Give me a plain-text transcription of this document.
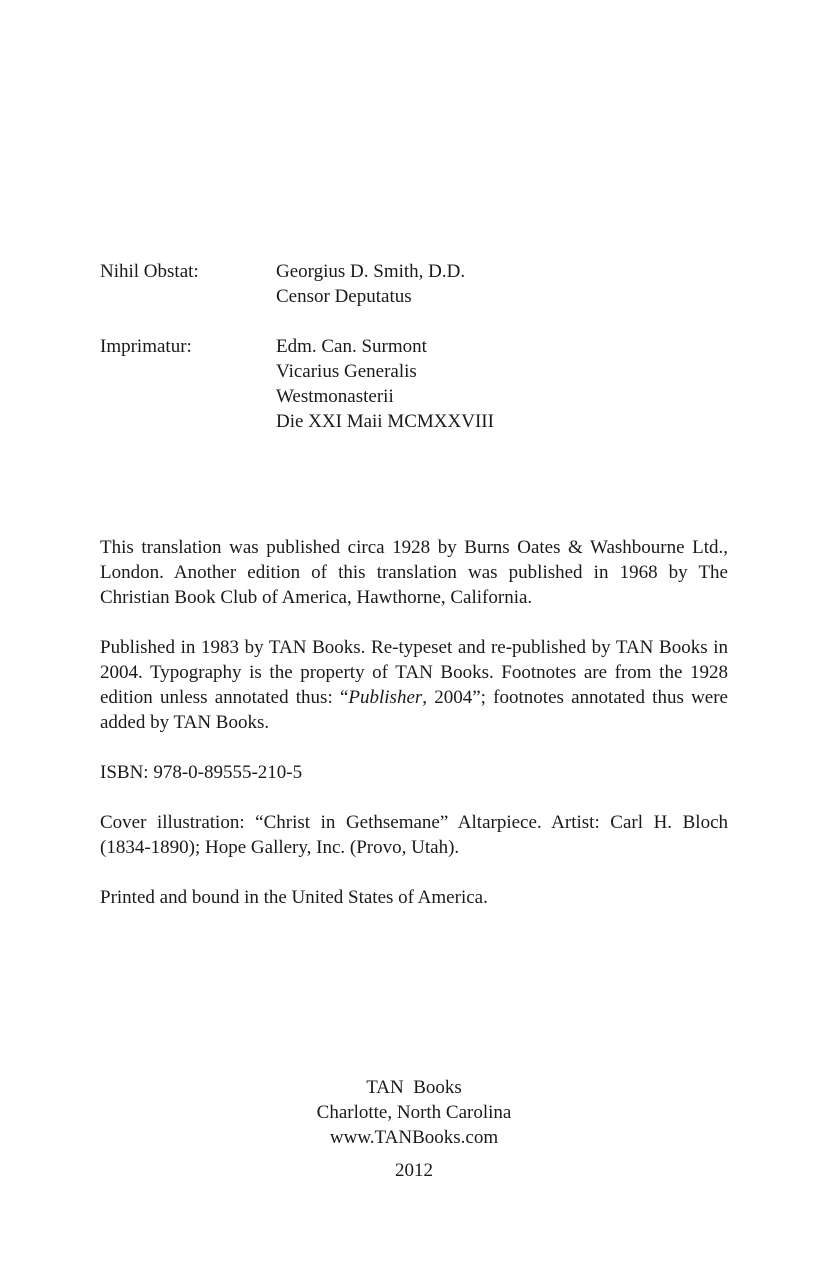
Nihil Obstat:	Georgius D. Smith, D.D.
Censor Deputatus
Imprimatur:	Edm. Can. Surmont
Vicarius Generalis
Westmonasterii
Die XXI Maii MCMXXVIII

This translation was published circa 1928 by Burns Oates & Washbourne Ltd., London. Another edition of this translation was published in 1968 by The Christian Book Club of America, Hawthorne, California.

Published in 1983 by TAN Books. Re-typeset and re-published by TAN Books in 2004. Typography is the property of TAN Books. Footnotes are from the 1928 edition unless annotated thus: “Publisher, 2004”; footnotes annotated thus were added by TAN Books.

ISBN: 978-0-89555-210-5

Cover illustration: “Christ in Gethsemane” Altarpiece. Artist: Carl H. Bloch (1834-1890); Hope Gallery, Inc. (Provo, Utah).

Printed and bound in the United States of America.

TAN  Books
Charlotte, North Carolina
www.TANBooks.com
2012
